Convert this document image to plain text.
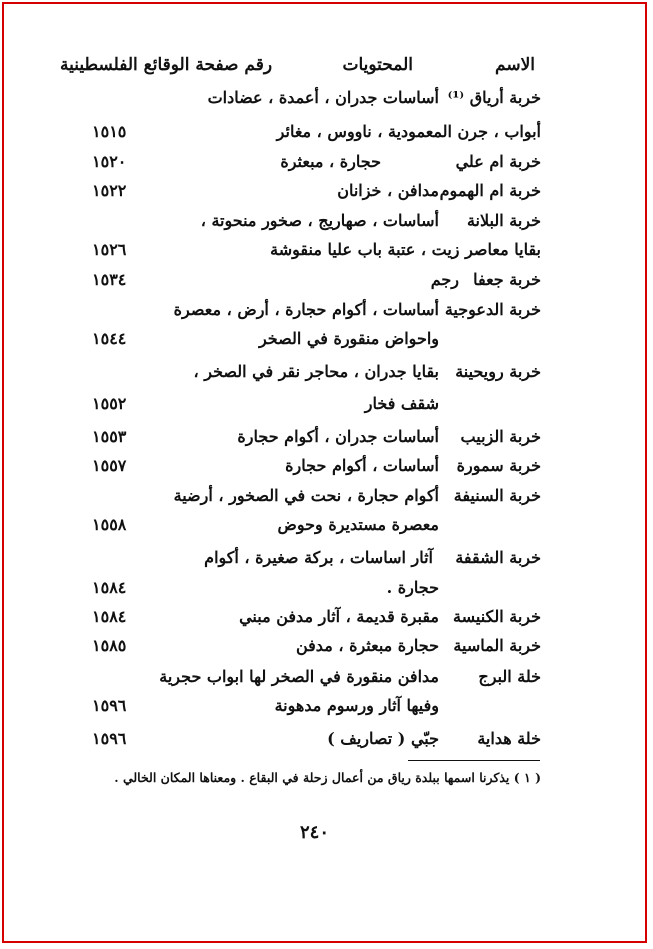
الاسم
المحتويات
رقم صفحة الوقائع الفلسطينية
خربة أرياق ⁽¹⁾
أساسات جدران ، أعمدة ، عضادات
أبواب ، جرن المعمودية ، ناووس ، مغائر
١٥١٥
خربة ام علي
حجارة ، مبعثرة
١٥٢٠
خربة ام الهموم
مدافن ، خزانان
١٥٢٢
خربة البلانة
أساسات ، صهاريج ، صخور منحوتة ،
بقايا معاصر زيت ، عتبة باب عليا منقوشة
١٥٢٦
خربة جعفا
رجم
١٥٣٤
خربة الدعوجية
أساسات ، أكوام حجارة ، أرض ، معصرة
واحواض منقورة في الصخر
١٥٤٤
خربة رويحينة
بقايا جدران ، محاجر نقر في الصخر ،
شقف فخار
١٥٥٢
خربة الزبيب
أساسات جدران ، أكوام حجارة
١٥٥٣
خربة سمورة
أساسات ، أكوام حجارة
١٥٥٧
خربة السنيفة
أكوام حجارة ، نحت في الصخور ، أرضية
معصرة مستديرة وحوض
١٥٥٨
خربة الشقفة
آثار اساسات ، بركة صغيرة ، أكوام
حجارة .
١٥٨٤
خربة الكنيسة
مقبرة قديمة ، آثار مدفن مبني
١٥٨٤
خربة الماسية
حجارة مبعثرة ، مدفن
١٥٨٥
خلة البرج
مدافن منقورة في الصخر لها ابواب حجرية
وفيها آثار ورسوم مدهونة
١٥٩٦
خلة هداية
جبّي ( تصاريف )
١٥٩٦
( ١ ) يذكرنا اسمها ببلدة رياق من أعمال زحلة في البقاع . ومعناها المكان الخالي .
٢٤٠
